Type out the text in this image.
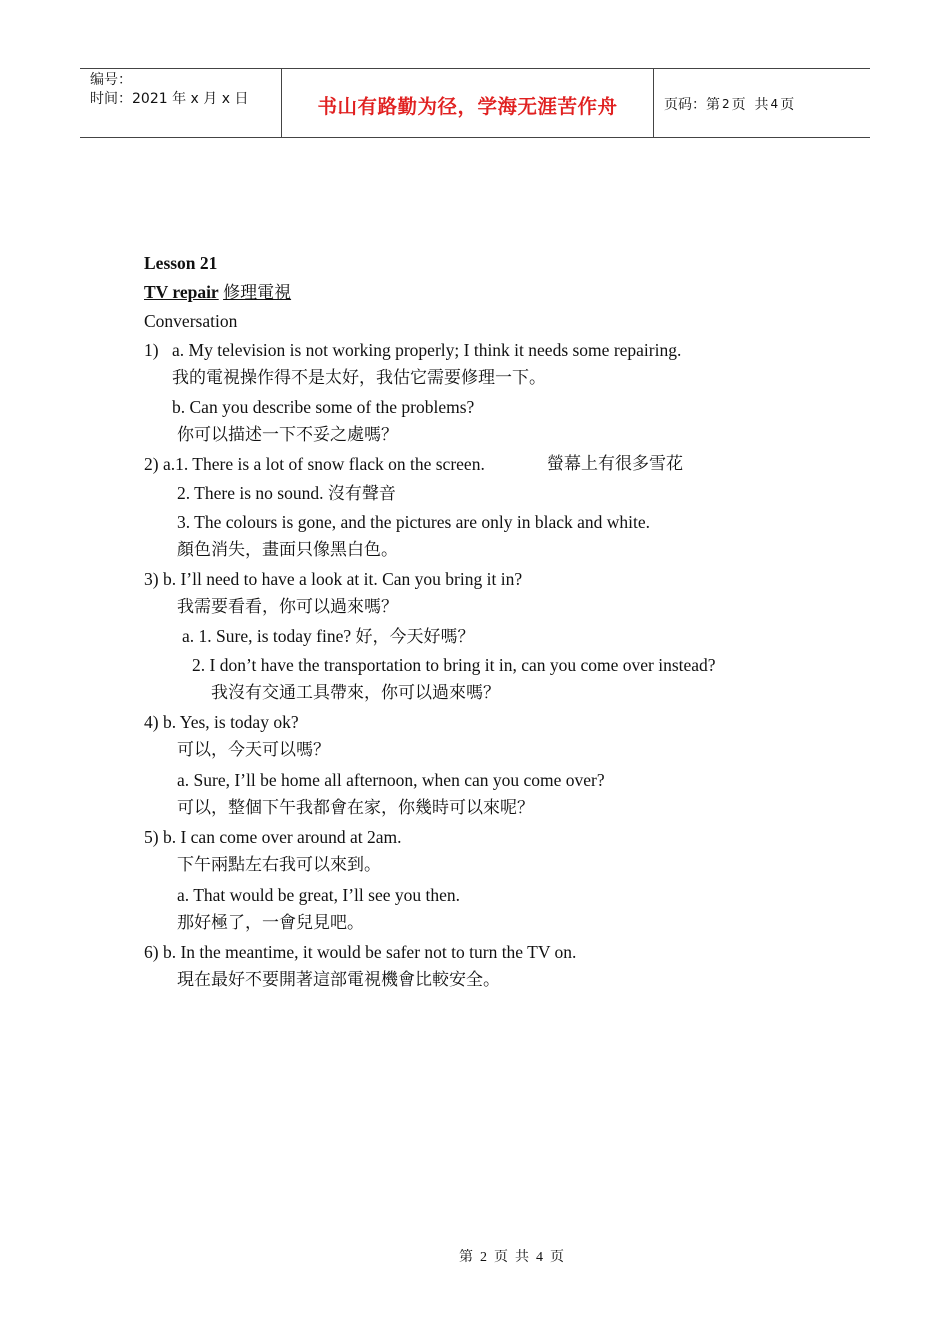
编号：
时间：2021 年 x 月 x 日	书山有路勤为径，学海无涯苦作舟	页码：第 2 页  共 4 页
Lesson 21
TV repair 修理電視
Conversation
1) a. My television is not working properly; I think it needs some repairing.
我的電視操作得不是太好，我估它需要修理一下。
b. Can you describe some of the problems?
你可以描述一下不妥之處嗎？
2) a.1. There is a lot of snow flack on the screen.	螢幕上有很多雪花
2. There is no sound. 沒有聲音
3. The colours is gone, and the pictures are only in black and white.
顏色消失，畫面只像黑白色。
3) b. I’ll need to have a look at it. Can you bring it in?
我需要看看，你可以過來嗎？
a. 1. Sure, is today fine? 好，今天好嗎？
2. I don’t have the transportation to bring it in, can you come over instead?
我沒有交通工具帶來，你可以過來嗎？
4) b. Yes, is today ok?
可以，今天可以嗎？
a. Sure, I’ll be home all afternoon, when can you come over?
可以，整個下午我都會在家，你幾時可以來呢？
5) b. I can come over around at 2am.
下午兩點左右我可以來到。
a. That would be great, I’ll see you then.
那好極了，一會兒見吧。
6) b. In the meantime, it would be safer not to turn the TV on.
現在最好不要開著這部電視機會比較安全。
第 2 页 共 4 页
